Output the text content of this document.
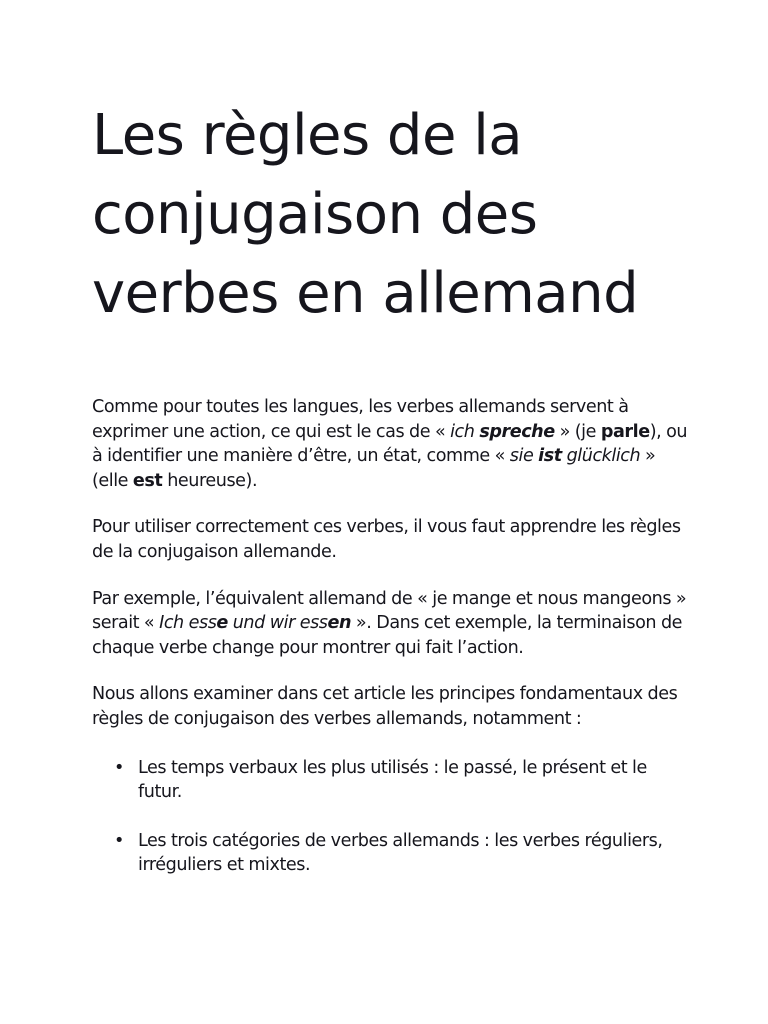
Les règles de la conjugaison des verbes en allemand

Comme pour toutes les langues, les verbes allemands servent à exprimer une action, ce qui est le cas de « ich spreche » (je parle), ou à identifier une manière d’être, un état, comme « sie ist glücklich » (elle est heureuse).

Pour utiliser correctement ces verbes, il vous faut apprendre les règles de la conjugaison allemande.

Par exemple, l’équivalent allemand de « je mange et nous mangeons » serait « Ich esse und wir essen ». Dans cet exemple, la terminaison de chaque verbe change pour montrer qui fait l’action.

Nous allons examiner dans cet article les principes fondamentaux des règles de conjugaison des verbes allemands, notamment :

• Les temps verbaux les plus utilisés : le passé, le présent et le futur.
• Les trois catégories de verbes allemands : les verbes réguliers, irréguliers et mixtes.
